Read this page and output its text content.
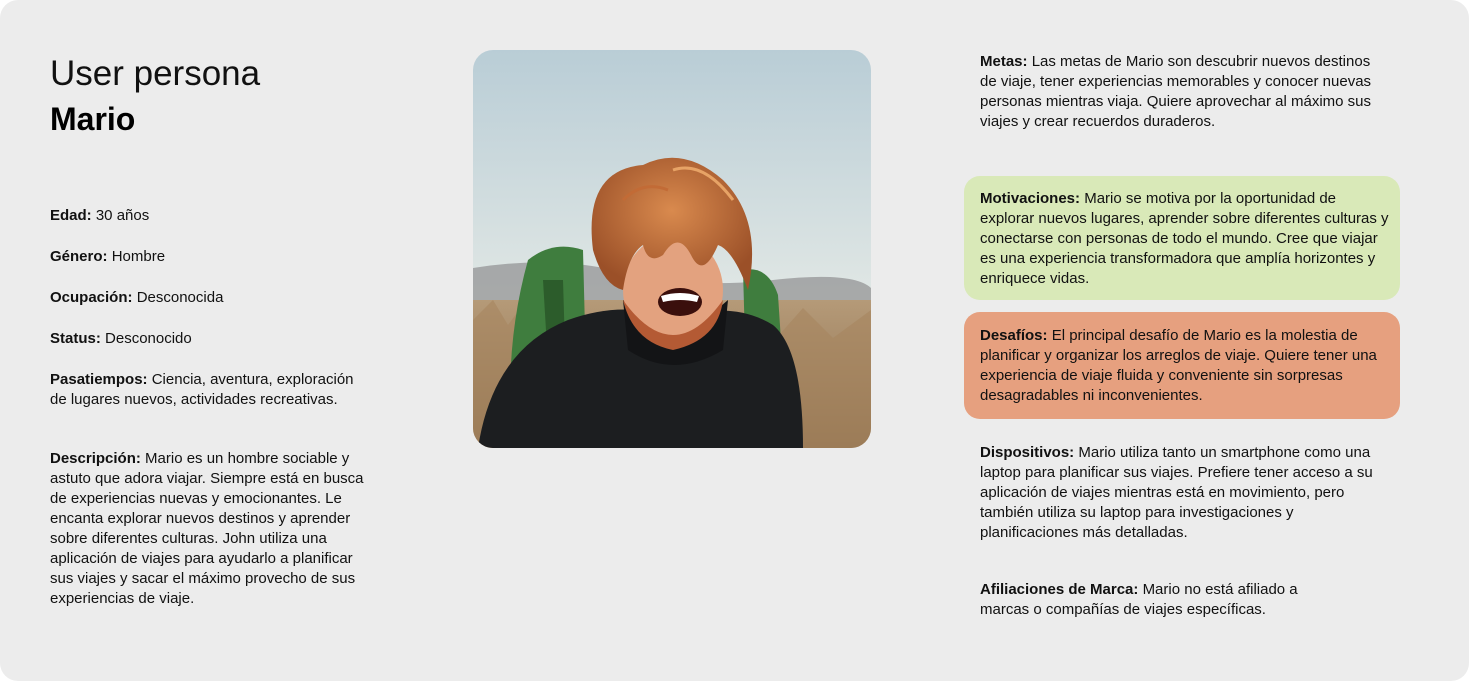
User persona
Mario
Edad: 30 años
Género: Hombre
Ocupación: Desconocida
Status: Desconocido
Pasatiempos: Ciencia, aventura, exploración de lugares nuevos, actividades recreativas.
Descripción: Mario es un hombre sociable y astuto que adora viajar. Siempre está en busca de experiencias nuevas y emocionantes. Le encanta explorar nuevos destinos y aprender sobre diferentes culturas. John utiliza una aplicación de viajes para ayudarlo a planificar sus viajes y sacar el máximo provecho de sus experiencias de viaje.
Metas: Las metas de Mario son descubrir nuevos destinos de viaje, tener experiencias memorables y conocer nuevas personas mientras viaja. Quiere aprovechar al máximo sus viajes y crear recuerdos duraderos.
Motivaciones: Mario se motiva por la oportunidad de explorar nuevos lugares, aprender sobre diferentes culturas y conectarse con personas de todo el mundo. Cree que viajar es una experiencia transformadora que amplía horizontes y enriquece vidas.
Desafíos: El principal desafío de Mario es la molestia de planificar y organizar los arreglos de viaje. Quiere tener una experiencia de viaje fluida y conveniente sin sorpresas desagradables ni inconvenientes.
Dispositivos: Mario utiliza tanto un smartphone como una laptop para planificar sus viajes. Prefiere tener acceso a su aplicación de viajes mientras está en movimiento, pero también utiliza su laptop para investigaciones y planificaciones más detalladas.
Afiliaciones de Marca: Mario no está afiliado a marcas o compañías de viajes específicas.
